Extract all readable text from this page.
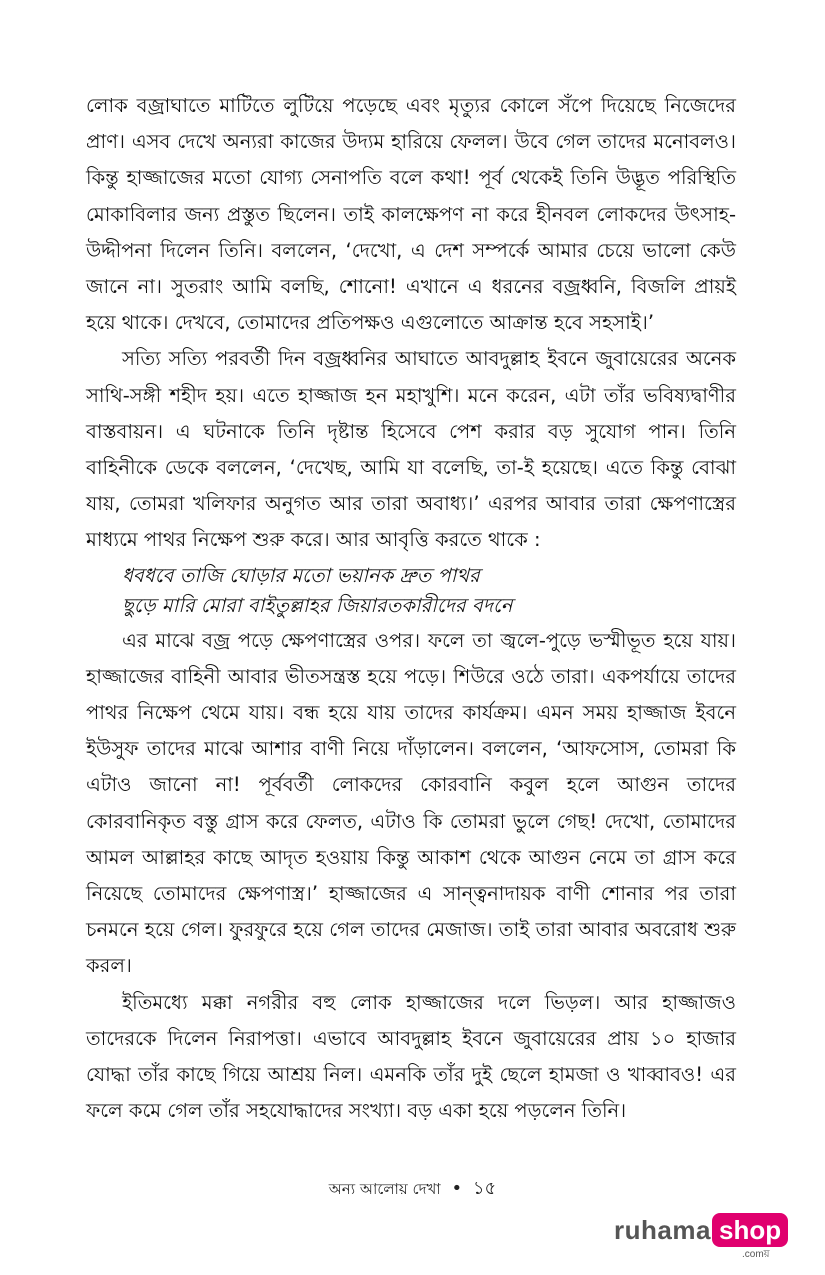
লোক বজ্রাঘাতে মাটিতে লুটিয়ে পড়েছে এবং মৃত্যুর কোলে সঁপে দিয়েছে নিজেদের প্রাণ। এসব দেখে অন্যরা কাজের উদ্যম হারিয়ে ফেলল। উবে গেল তাদের মনোবলও। কিন্তু হাজ্জাজের মতো যোগ্য সেনাপতি বলে কথা! পূর্ব থেকেই তিনি উদ্ভূত পরিস্থিতি মোকাবিলার জন্য প্রস্তুত ছিলেন। তাই কালক্ষেপণ না করে হীনবল লোকদের উৎসাহ-উদ্দীপনা দিলেন তিনি। বললেন, ‘দেখো, এ দেশ সম্পর্কে আমার চেয়ে ভালো কেউ জানে না। সুতরাং আমি বলছি, শোনো! এখানে এ ধরনের বজ্রধ্বনি, বিজলি প্রায়ই হয়ে থাকে। দেখবে, তোমাদের প্রতিপক্ষও এগুলোতে আক্রান্ত হবে সহসাই।’

সত্যি সত্যি পরবর্তী দিন বজ্রধ্বনির আঘাতে আবদুল্লাহ ইবনে জুবায়েরের অনেক সাথি-সঙ্গী শহীদ হয়। এতে হাজ্জাজ হন মহাখুশি। মনে করেন, এটা তাঁর ভবিষ্যদ্বাণীর বাস্তবায়ন। এ ঘটনাকে তিনি দৃষ্টান্ত হিসেবে পেশ করার বড় সুযোগ পান। তিনি বাহিনীকে ডেকে বললেন, ‘দেখেছ, আমি যা বলেছি, তা-ই হয়েছে। এতে কিন্তু বোঝা যায়, তোমরা খলিফার অনুগত আর তারা অবাধ্য।’ এরপর আবার তারা ক্ষেপণাস্ত্রের মাধ্যমে পাথর নিক্ষেপ শুরু করে। আর আবৃত্তি করতে থাকে :

ধবধবে তাজি ঘোড়ার মতো ভয়ানক দ্রুত পাথর

ছুড়ে মারি মোরা বাইতুল্লাহর জিয়ারতকারীদের বদনে

এর মাঝে বজ্র পড়ে ক্ষেপণাস্ত্রের ওপর। ফলে তা জ্বলে-পুড়ে ভস্মীভূত হয়ে যায়। হাজ্জাজের বাহিনী আবার ভীতসন্ত্রস্ত হয়ে পড়ে। শিউরে ওঠে তারা। একপর্যায়ে তাদের পাথর নিক্ষেপ থেমে যায়। বন্ধ হয়ে যায় তাদের কার্যক্রম। এমন সময় হাজ্জাজ ইবনে ইউসুফ তাদের মাঝে আশার বাণী নিয়ে দাঁড়ালেন। বললেন, ‘আফসোস, তোমরা কি এটাও জানো না! পূর্ববর্তী লোকদের কোরবানি কবুল হলে আগুন তাদের কোরবানিকৃত বস্তু গ্রাস করে ফেলত, এটাও কি তোমরা ভুলে গেছ! দেখো, তোমাদের আমল আল্লাহর কাছে আদৃত হওয়ায় কিন্তু আকাশ থেকে আগুন নেমে তা গ্রাস করে নিয়েছে তোমাদের ক্ষেপণাস্ত্র।’ হাজ্জাজের এ সান্ত্বনাদায়ক বাণী শোনার পর তারা চনমনে হয়ে গেল। ফুরফুরে হয়ে গেল তাদের মেজাজ। তাই তারা আবার অবরোধ শুরু করল।

ইতিমধ্যে মক্কা নগরীর বহু লোক হাজ্জাজের দলে ভিড়ল। আর হাজ্জাজও তাদেরকে দিলেন নিরাপত্তা। এভাবে আবদুল্লাহ ইবনে জুবায়েরের প্রায় ১০ হাজার যোদ্ধা তাঁর কাছে গিয়ে আশ্রয় নিল। এমনকি তাঁর দুই ছেলে হামজা ও খাব্বাবও! এর ফলে কমে গেল তাঁর সহযোদ্ধাদের সংখ্যা। বড় একা হয়ে পড়লেন তিনি।

অন্য আলোয় দেখা • ১৫
ruhama shop
.comয়
